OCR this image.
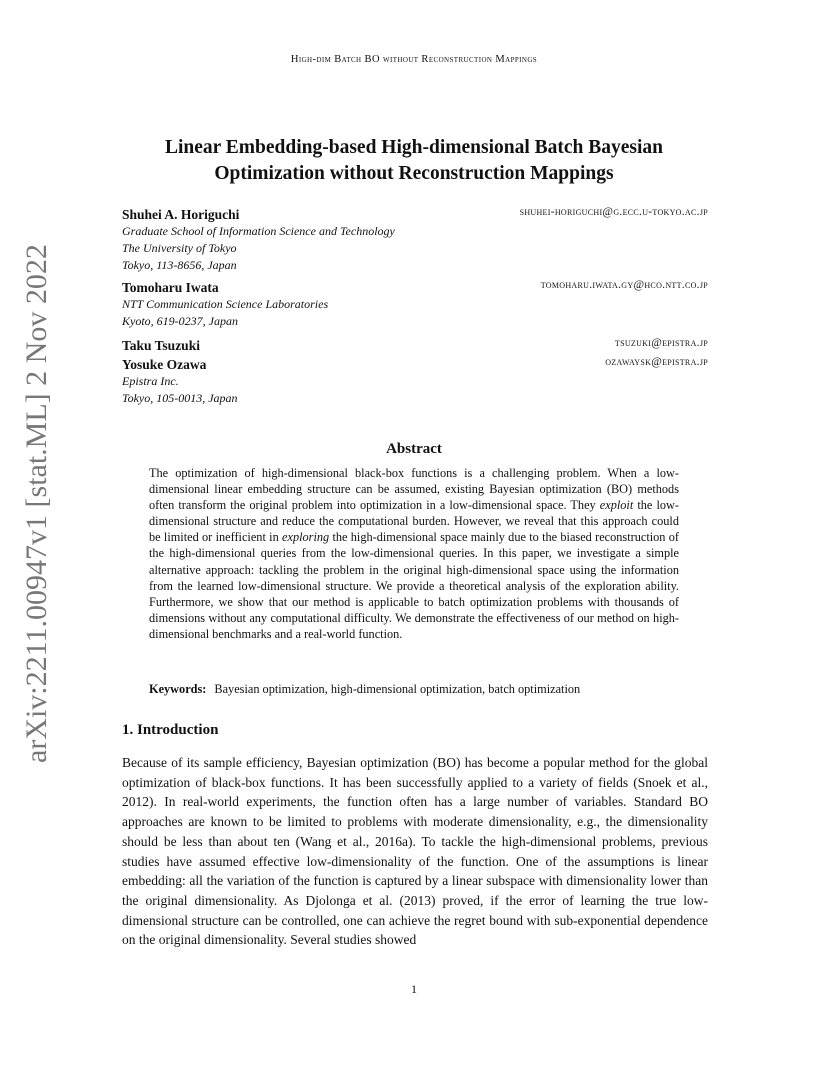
High-dim Batch BO without Reconstruction Mappings
arXiv:2211.00947v1 [stat.ML] 2 Nov 2022
Linear Embedding-based High-dimensional Batch Bayesian
Optimization without Reconstruction Mappings
Shuhei A. Horiguchi	shuhei-horiguchi@g.ecc.u-tokyo.ac.jp
Graduate School of Information Science and Technology
The University of Tokyo
Tokyo, 113-8656, Japan
Tomoharu Iwata	tomoharu.iwata.gy@hco.ntt.co.jp
NTT Communication Science Laboratories
Kyoto, 619-0237, Japan
Taku Tsuzuki	tsuzuki@epistra.jp
Yosuke Ozawa	ozawaysk@epistra.jp
Epistra Inc.
Tokyo, 105-0013, Japan
Abstract
The optimization of high-dimensional black-box functions is a challenging problem. When a low-dimensional linear embedding structure can be assumed, existing Bayesian optimization (BO) methods often transform the original problem into optimization in a low-dimensional space. They exploit the low-dimensional structure and reduce the computational burden. However, we reveal that this approach could be limited or inefficient in exploring the high-dimensional space mainly due to the biased reconstruction of the high-dimensional queries from the low-dimensional queries. In this paper, we investigate a simple alternative approach: tackling the problem in the original high-dimensional space using the information from the learned low-dimensional structure. We provide a theoretical analysis of the exploration ability. Furthermore, we show that our method is applicable to batch optimization problems with thousands of dimensions without any computational difficulty. We demonstrate the effectiveness of our method on high-dimensional benchmarks and a real-world function.
Keywords: Bayesian optimization, high-dimensional optimization, batch optimization
1. Introduction
Because of its sample efficiency, Bayesian optimization (BO) has become a popular method for the global optimization of black-box functions. It has been successfully applied to a variety of fields (Snoek et al., 2012). In real-world experiments, the function often has a large number of variables. Standard BO approaches are known to be limited to problems with moderate dimensionality, e.g., the dimensionality should be less than about ten (Wang et al., 2016a). To tackle the high-dimensional problems, previous studies have assumed effective low-dimensionality of the function. One of the assumptions is linear embedding: all the variation of the function is captured by a linear subspace with dimensionality lower than the original dimensionality. As Djolonga et al. (2013) proved, if the error of learning the true low-dimensional structure can be controlled, one can achieve the regret bound with sub-exponential dependence on the original dimensionality. Several studies showed
1
